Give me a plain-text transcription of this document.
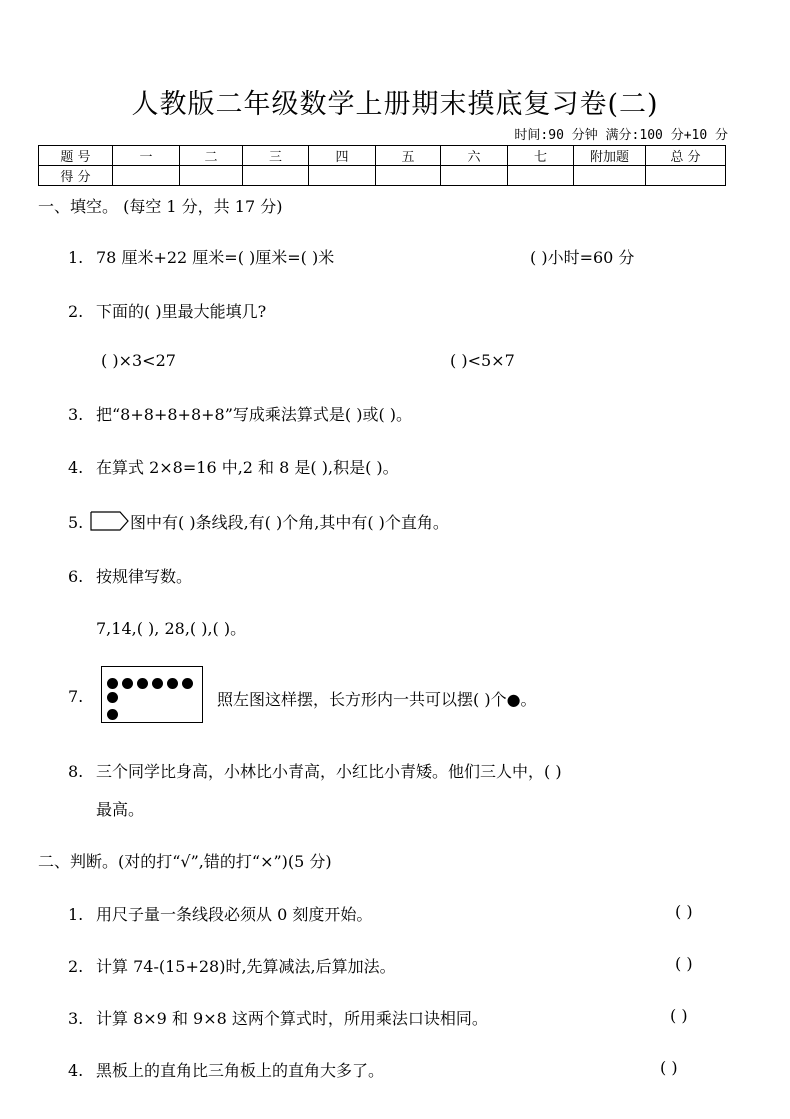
人教版二年级数学上册期末摸底复习卷(二)
时间:90 分钟 满分:100 分+10 分
题 号	一	二	三	四	五	六	七	附加题	总 分
得 分									
一、填空。 (每空 1 分，共 17 分)
1. 78 厘米+22 厘米=( )厘米=( )米	( )小时=60 分
2. 下面的( )里最大能填几?
( )×3<27	( )<5×7
3. 把“8+8+8+8+8”写成乘法算式是( )或( )。
4. 在算式 2×8=16 中,2 和 8 是( ),积是( )。
5.	图中有( )条线段,有( )个角,其中有( )个直角。
6. 按规律写数。
7,14,( ), 28,( ),( )。
7.	照左图这样摆，长方形内一共可以摆( )个●。
8. 三个同学比身高，小林比小青高，小红比小青矮。他们三人中，( )
最高。
二、判断。(对的打“√”,错的打“×”)(5 分)
1. 用尺子量一条线段必须从 0 刻度开始。	( )
2. 计算 74-(15+28)时,先算减法,后算加法。	( )
3. 计算 8×9 和 9×8 这两个算式时，所用乘法口诀相同。	( )
4. 黑板上的直角比三角板上的直角大多了。	( )
